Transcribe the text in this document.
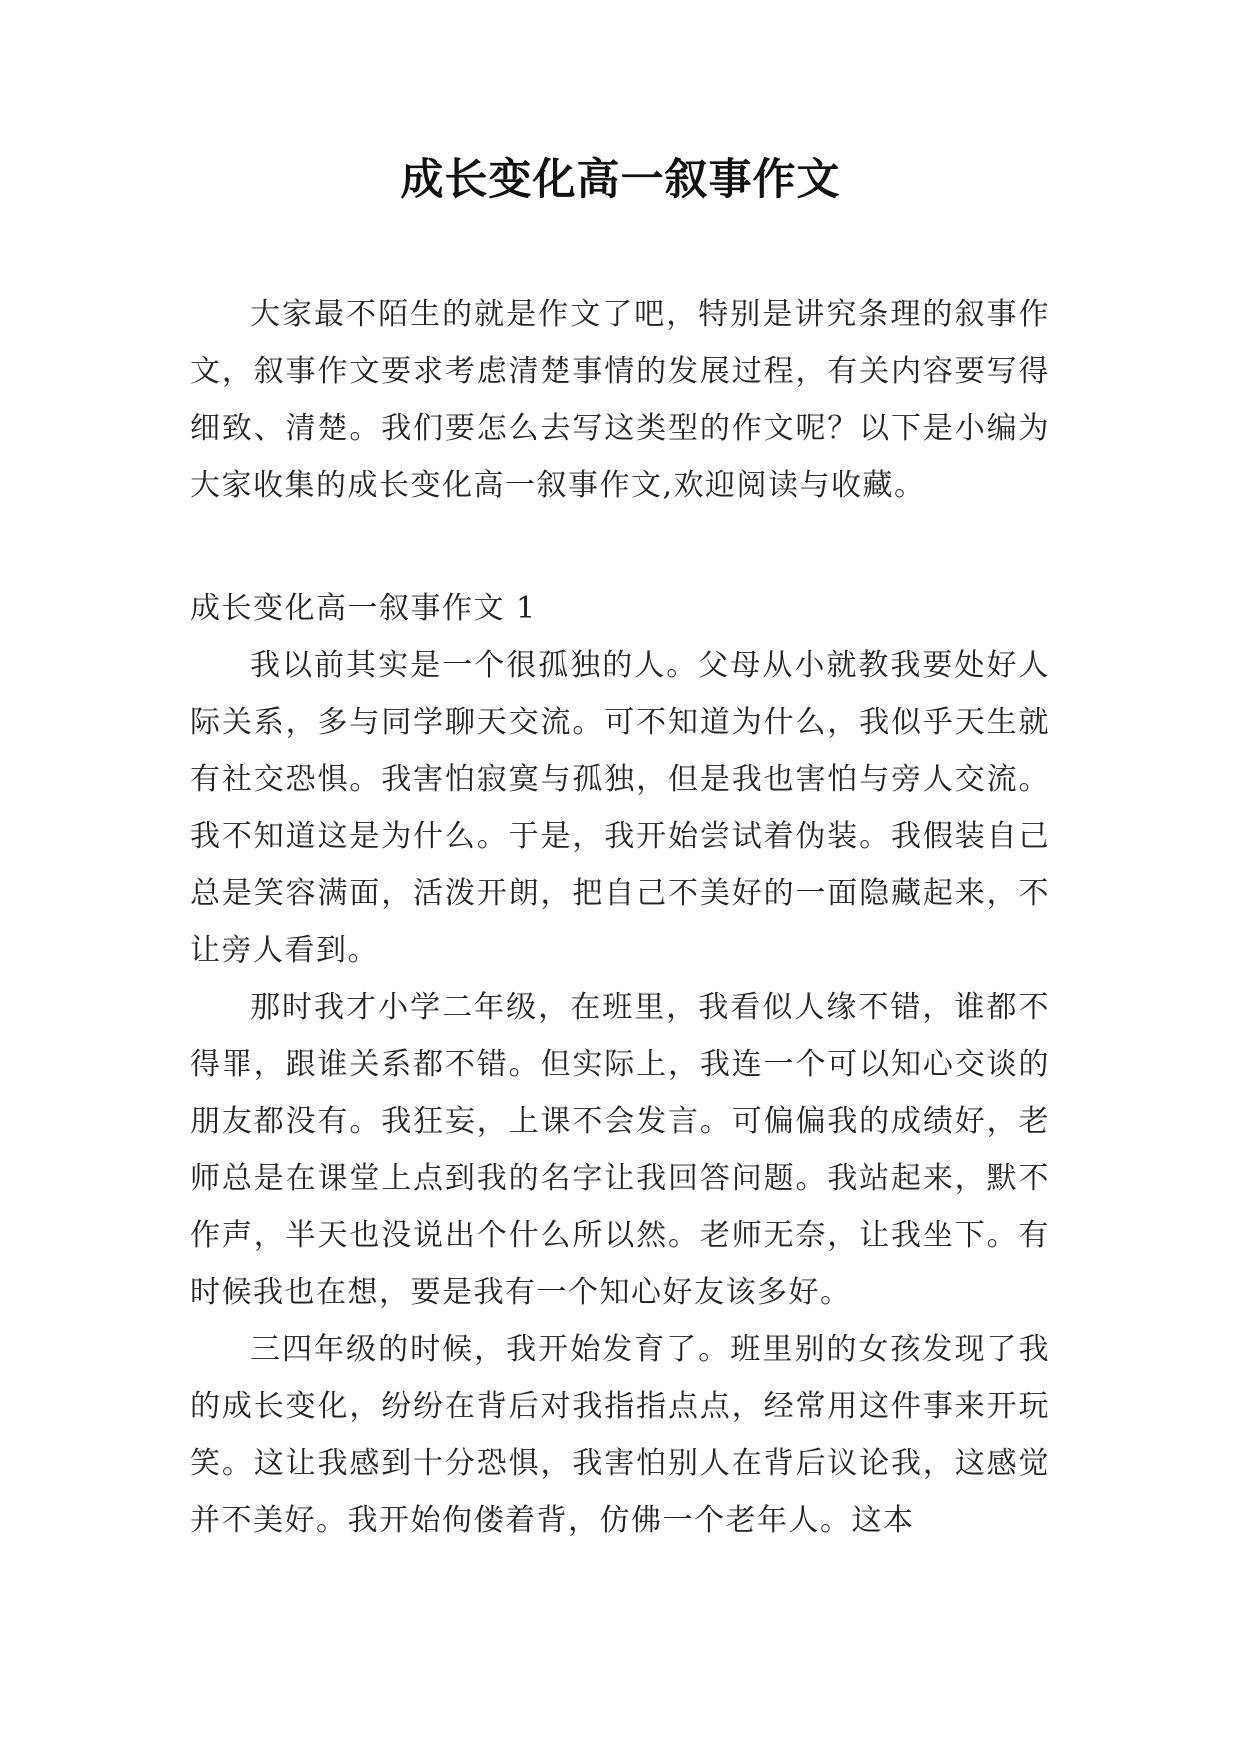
成长变化高一叙事作文

大家最不陌生的就是作文了吧，特别是讲究条理的叙事作文，叙事作文要求考虑清楚事情的发展过程，有关内容要写得细致、清楚。我们要怎么去写这类型的作文呢？以下是小编为大家收集的成长变化高一叙事作文,欢迎阅读与收藏。

成长变化高一叙事作文 1

我以前其实是一个很孤独的人。父母从小就教我要处好人际关系，多与同学聊天交流。可不知道为什么，我似乎天生就有社交恐惧。我害怕寂寞与孤独，但是我也害怕与旁人交流。我不知道这是为什么。于是，我开始尝试着伪装。我假装自己总是笑容满面，活泼开朗，把自己不美好的一面隐藏起来，不让旁人看到。

那时我才小学二年级，在班里，我看似人缘不错，谁都不得罪，跟谁关系都不错。但实际上，我连一个可以知心交谈的朋友都没有。我狂妄，上课不会发言。可偏偏我的成绩好，老师总是在课堂上点到我的名字让我回答问题。我站起来，默不作声，半天也没说出个什么所以然。老师无奈，让我坐下。有时候我也在想，要是我有一个知心好友该多好。

三四年级的时候，我开始发育了。班里别的女孩发现了我的成长变化，纷纷在背后对我指指点点，经常用这件事来开玩笑。这让我感到十分恐惧，我害怕别人在背后议论我，这感觉并不美好。我开始佝偻着背，仿佛一个老年人。这本
